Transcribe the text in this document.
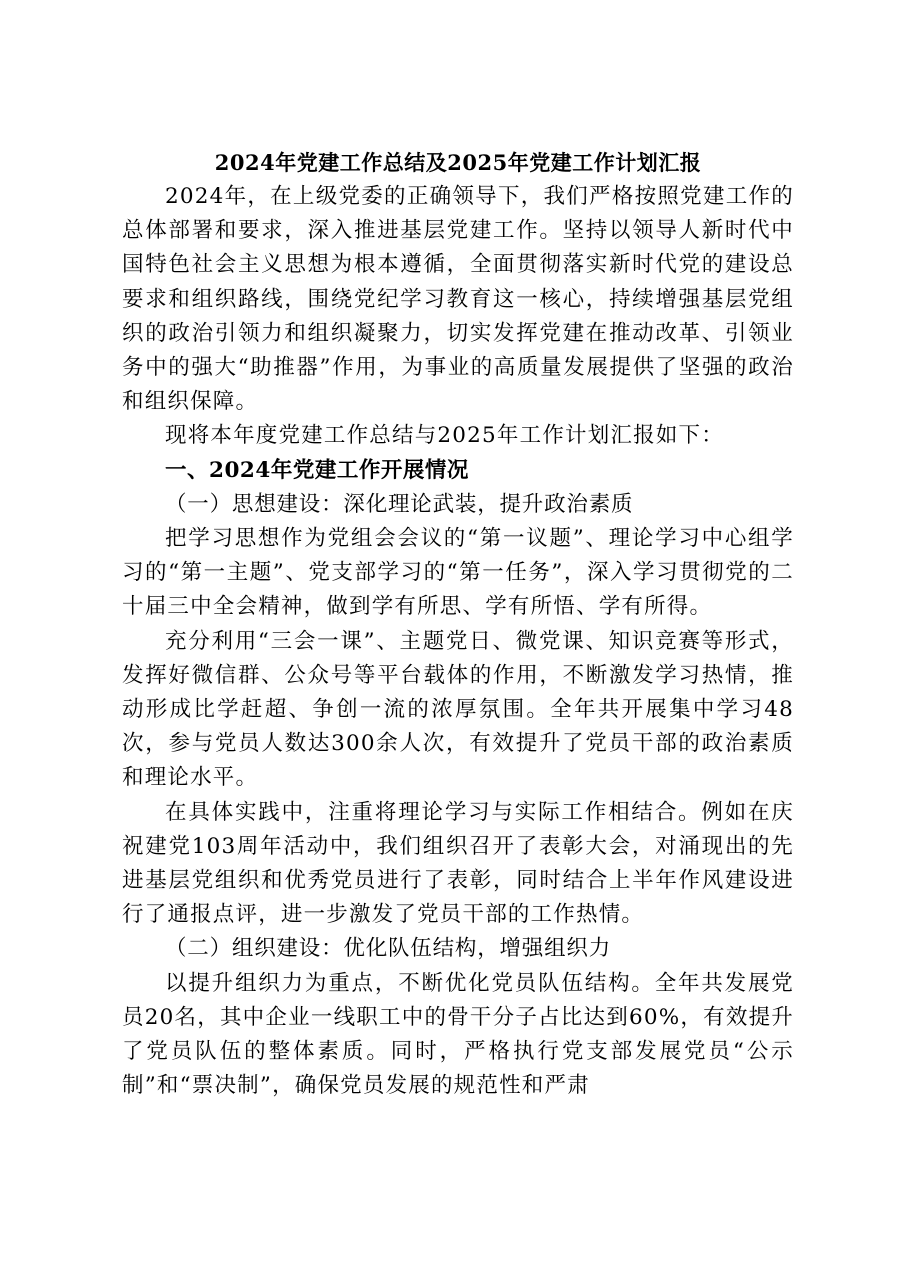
2024年党建工作总结及2025年党建工作计划汇报

2024年，在上级党委的正确领导下，我们严格按照党建工作的总体部署和要求，深入推进基层党建工作。坚持以领导人新时代中国特色社会主义思想为根本遵循，全面贯彻落实新时代党的建设总要求和组织路线，围绕党纪学习教育这一核心，持续增强基层党组织的政治引领力和组织凝聚力，切实发挥党建在推动改革、引领业务中的强大“助推器”作用，为事业的高质量发展提供了坚强的政治和组织保障。

现将本年度党建工作总结与2025年工作计划汇报如下：

一、2024年党建工作开展情况

（一）思想建设：深化理论武装，提升政治素质

把学习思想作为党组会会议的“第一议题”、理论学习中心组学习的“第一主题”、党支部学习的“第一任务”，深入学习贯彻党的二十届三中全会精神，做到学有所思、学有所悟、学有所得。

充分利用“三会一课”、主题党日、微党课、知识竞赛等形式，发挥好微信群、公众号等平台载体的作用，不断激发学习热情，推动形成比学赶超、争创一流的浓厚氛围。全年共开展集中学习48次，参与党员人数达300余人次，有效提升了党员干部的政治素质和理论水平。

在具体实践中，注重将理论学习与实际工作相结合。例如在庆祝建党103周年活动中，我们组织召开了表彰大会，对涌现出的先进基层党组织和优秀党员进行了表彰，同时结合上半年作风建设进行了通报点评，进一步激发了党员干部的工作热情。

（二）组织建设：优化队伍结构，增强组织力

以提升组织力为重点，不断优化党员队伍结构。全年共发展党员20名，其中企业一线职工中的骨干分子占比达到60%，有效提升了党员队伍的整体素质。同时，严格执行党支部发展党员“公示制”和“票决制”，确保党员发展的规范性和严肃
